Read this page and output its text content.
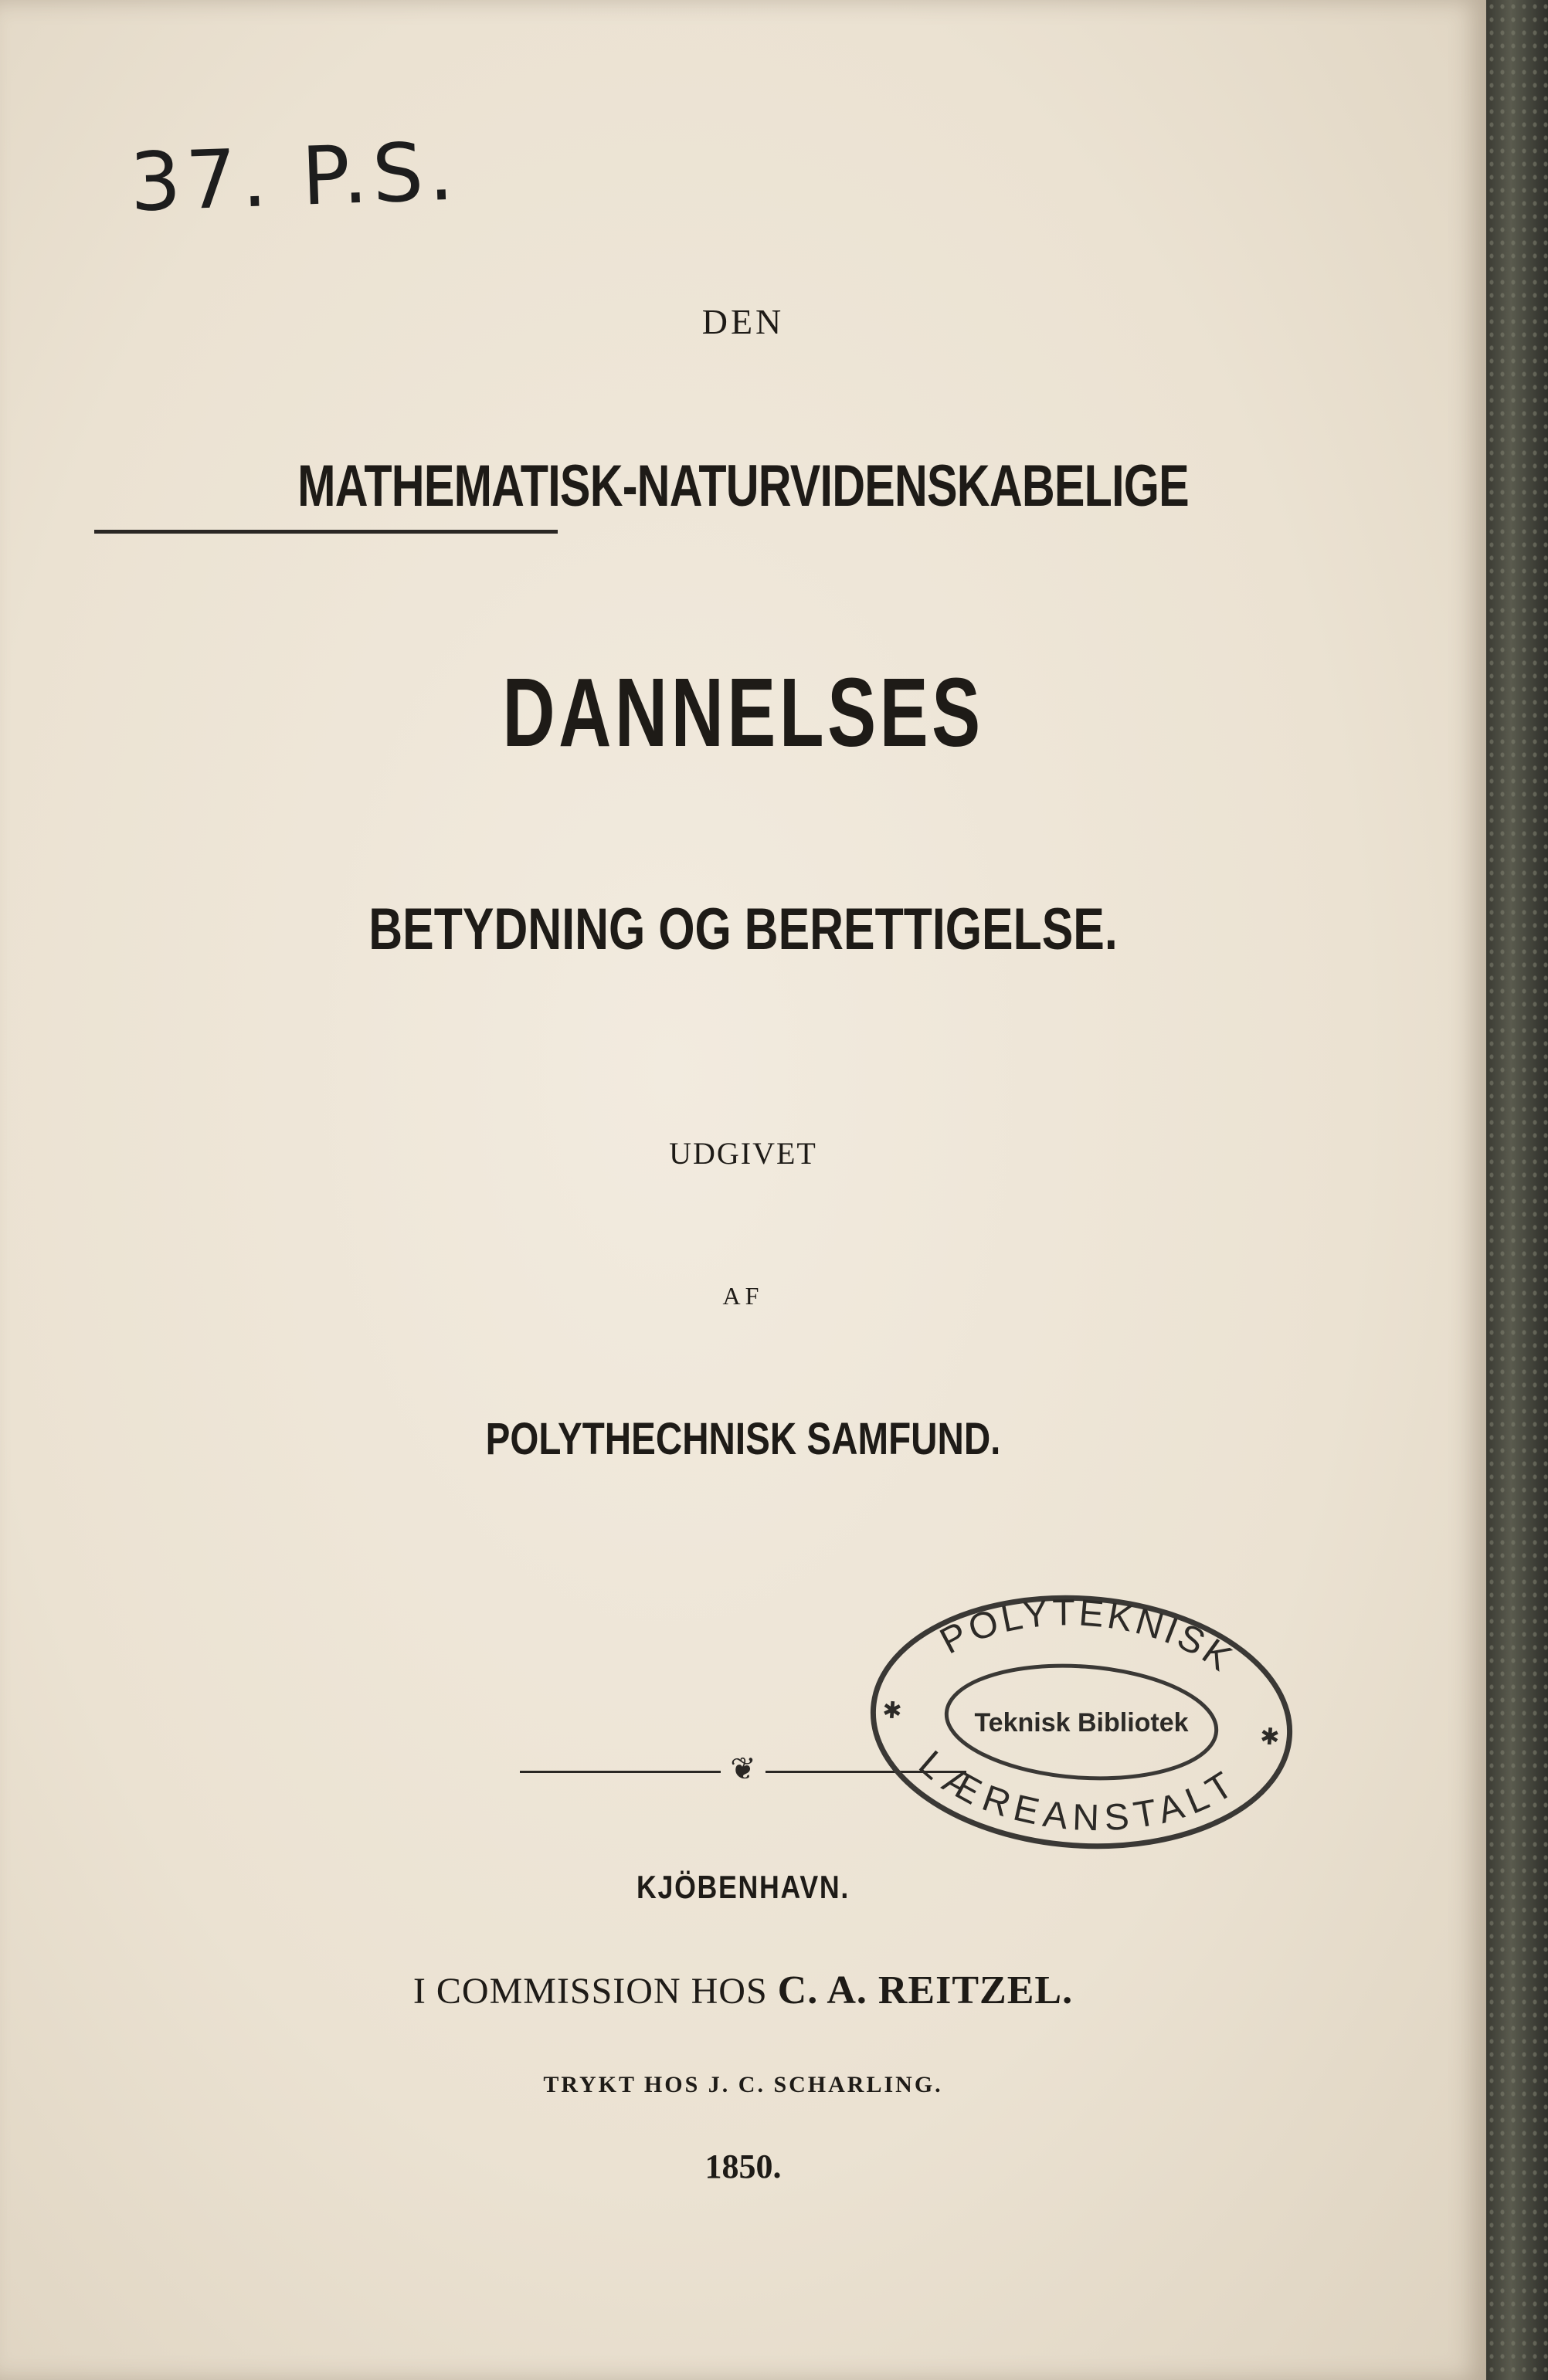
37. P.S.
DEN
MATHEMATISK-NATURVIDENSKABELIGE
DANNELSES
BETYDNING OG BERETTIGELSE.
UDGIVET
AF
POLYTHECHNISK SAMFUND.
❦
KJÖBENHAVN.
I COMMISSION HOS C. A. REITZEL.
TRYKT HOS J. C. SCHARLING.
1850.
POLYTEKNISK
LÆREANSTALT
✱
✱
Teknisk Bibliotek
